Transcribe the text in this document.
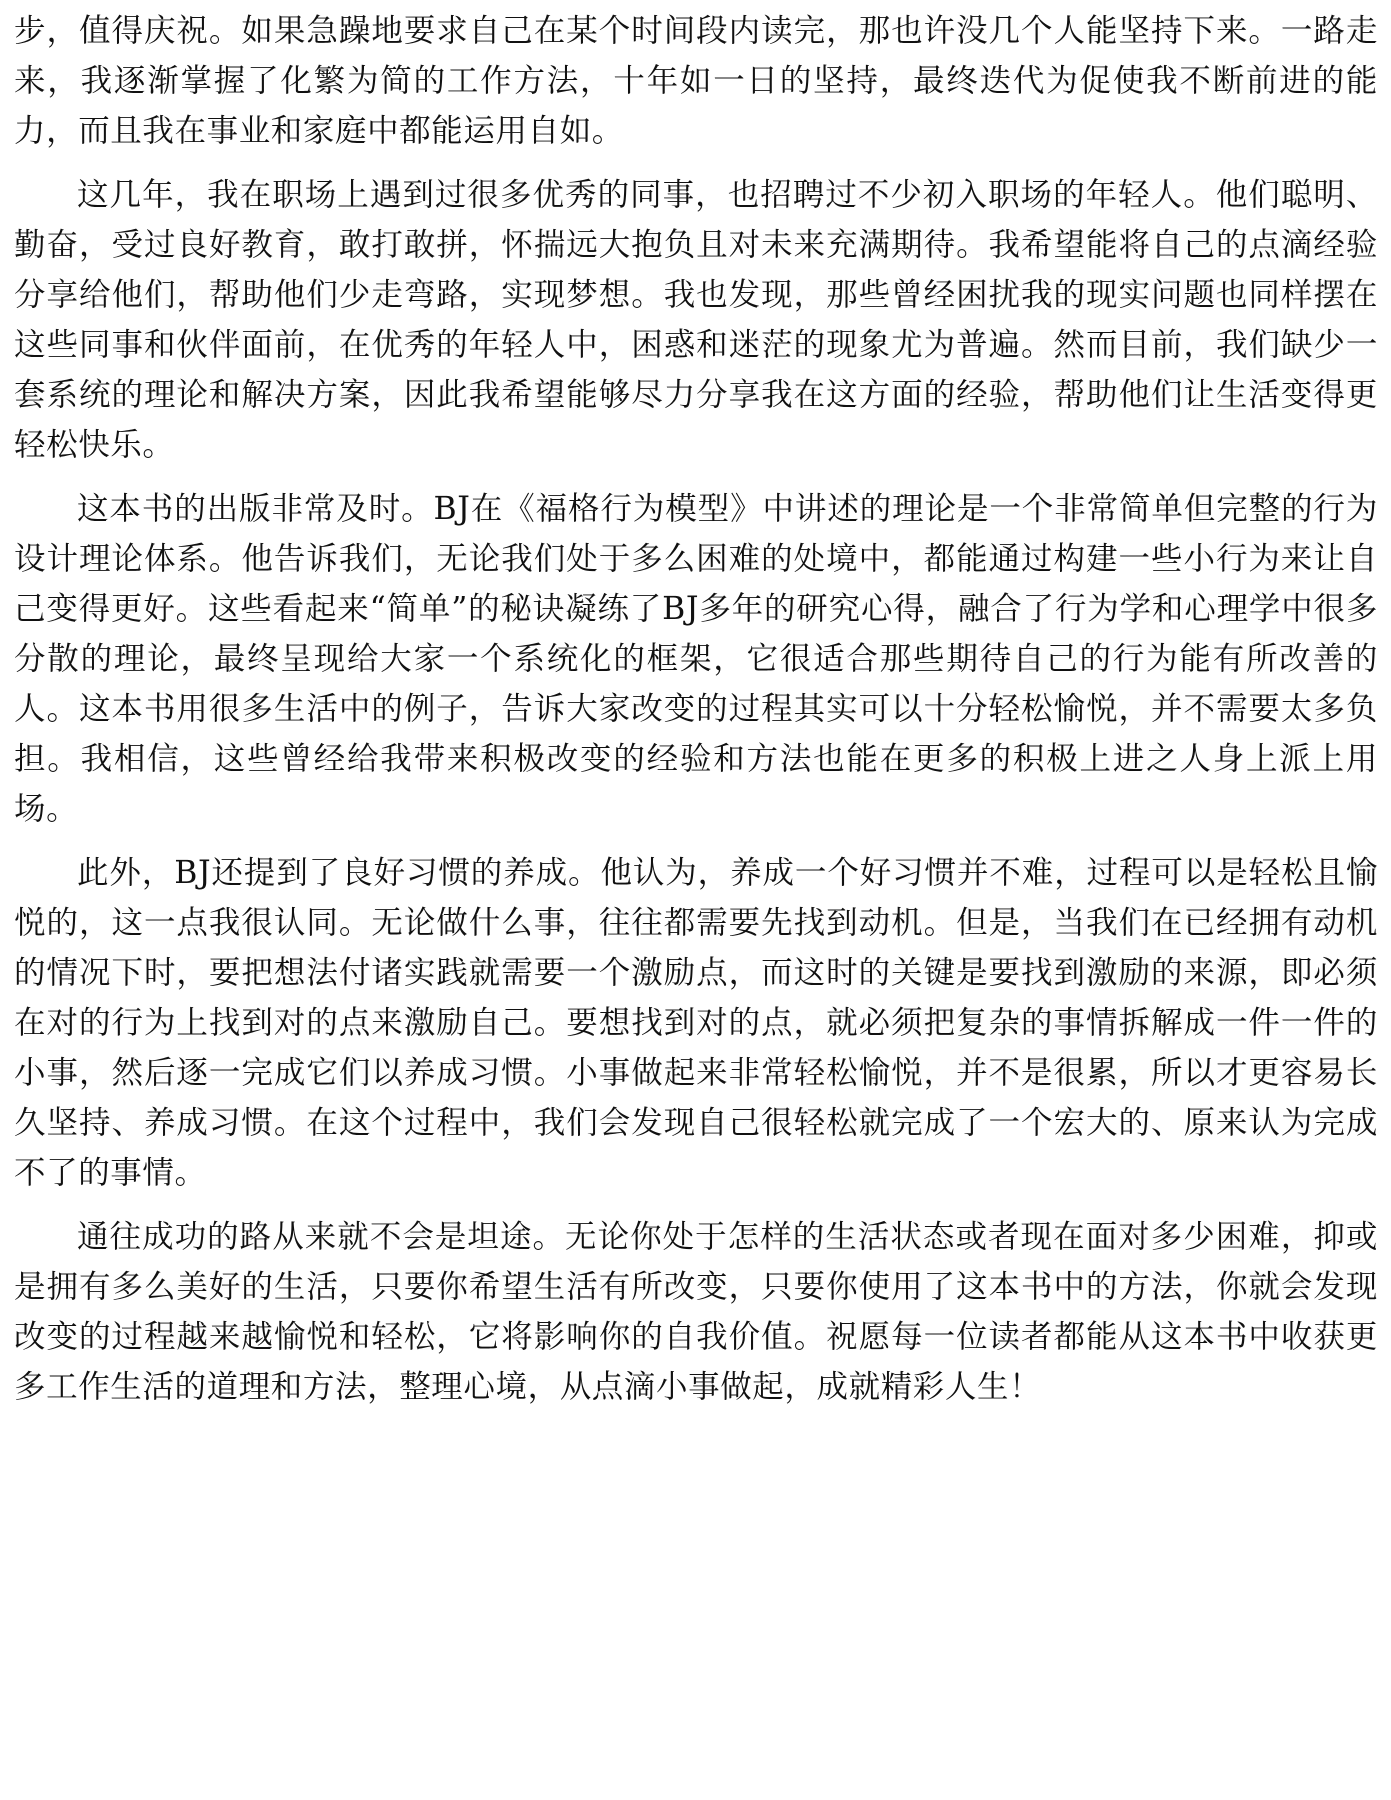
步，值得庆祝。如果急躁地要求自己在某个时间段内读完，那也许没几个人能坚持下来。一路走来，我逐渐掌握了化繁为简的工作方法，十年如一日的坚持，最终迭代为促使我不断前进的能力，而且我在事业和家庭中都能运用自如。

这几年，我在职场上遇到过很多优秀的同事，也招聘过不少初入职场的年轻人。他们聪明、勤奋，受过良好教育，敢打敢拼，怀揣远大抱负且对未来充满期待。我希望能将自己的点滴经验分享给他们，帮助他们少走弯路，实现梦想。我也发现，那些曾经困扰我的现实问题也同样摆在这些同事和伙伴面前，在优秀的年轻人中，困惑和迷茫的现象尤为普遍。然而目前，我们缺少一套系统的理论和解决方案，因此我希望能够尽力分享我在这方面的经验，帮助他们让生活变得更轻松快乐。

这本书的出版非常及时。BJ在《福格行为模型》中讲述的理论是一个非常简单但完整的行为设计理论体系。他告诉我们，无论我们处于多么困难的处境中，都能通过构建一些小行为来让自己变得更好。这些看起来“简单”的秘诀凝练了BJ多年的研究心得，融合了行为学和心理学中很多分散的理论，最终呈现给大家一个系统化的框架，它很适合那些期待自己的行为能有所改善的人。这本书用很多生活中的例子，告诉大家改变的过程其实可以十分轻松愉悦，并不需要太多负担。我相信，这些曾经给我带来积极改变的经验和方法也能在更多的积极上进之人身上派上用场。

此外，BJ还提到了良好习惯的养成。他认为，养成一个好习惯并不难，过程可以是轻松且愉悦的，这一点我很认同。无论做什么事，往往都需要先找到动机。但是，当我们在已经拥有动机的情况下时，要把想法付诸实践就需要一个激励点，而这时的关键是要找到激励的来源，即必须在对的行为上找到对的点来激励自己。要想找到对的点，就必须把复杂的事情拆解成一件一件的小事，然后逐一完成它们以养成习惯。小事做起来非常轻松愉悦，并不是很累，所以才更容易长久坚持、养成习惯。在这个过程中，我们会发现自己很轻松就完成了一个宏大的、原来认为完成不了的事情。

通往成功的路从来就不会是坦途。无论你处于怎样的生活状态或者现在面对多少困难，抑或是拥有多么美好的生活，只要你希望生活有所改变，只要你使用了这本书中的方法，你就会发现改变的过程越来越愉悦和轻松，它将影响你的自我价值。祝愿每一位读者都能从这本书中收获更多工作生活的道理和方法，整理心境，从点滴小事做起，成就精彩人生！
